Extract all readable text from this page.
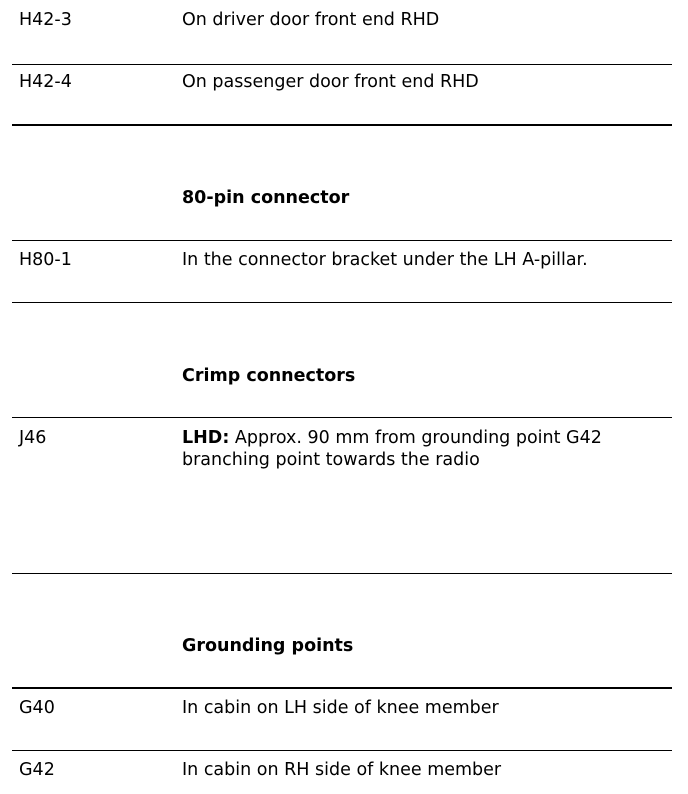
H42-3	On driver door front end RHD
H42-4	On passenger door front end RHD
80-pin connector
H80-1	In the connector bracket under the LH A-pillar.
Crimp connectors
J46	LHD: Approx. 90 mm from grounding point G42
branching point towards the radio
Grounding points
G40	In cabin on LH side of knee member
G42	In cabin on RH side of knee member
